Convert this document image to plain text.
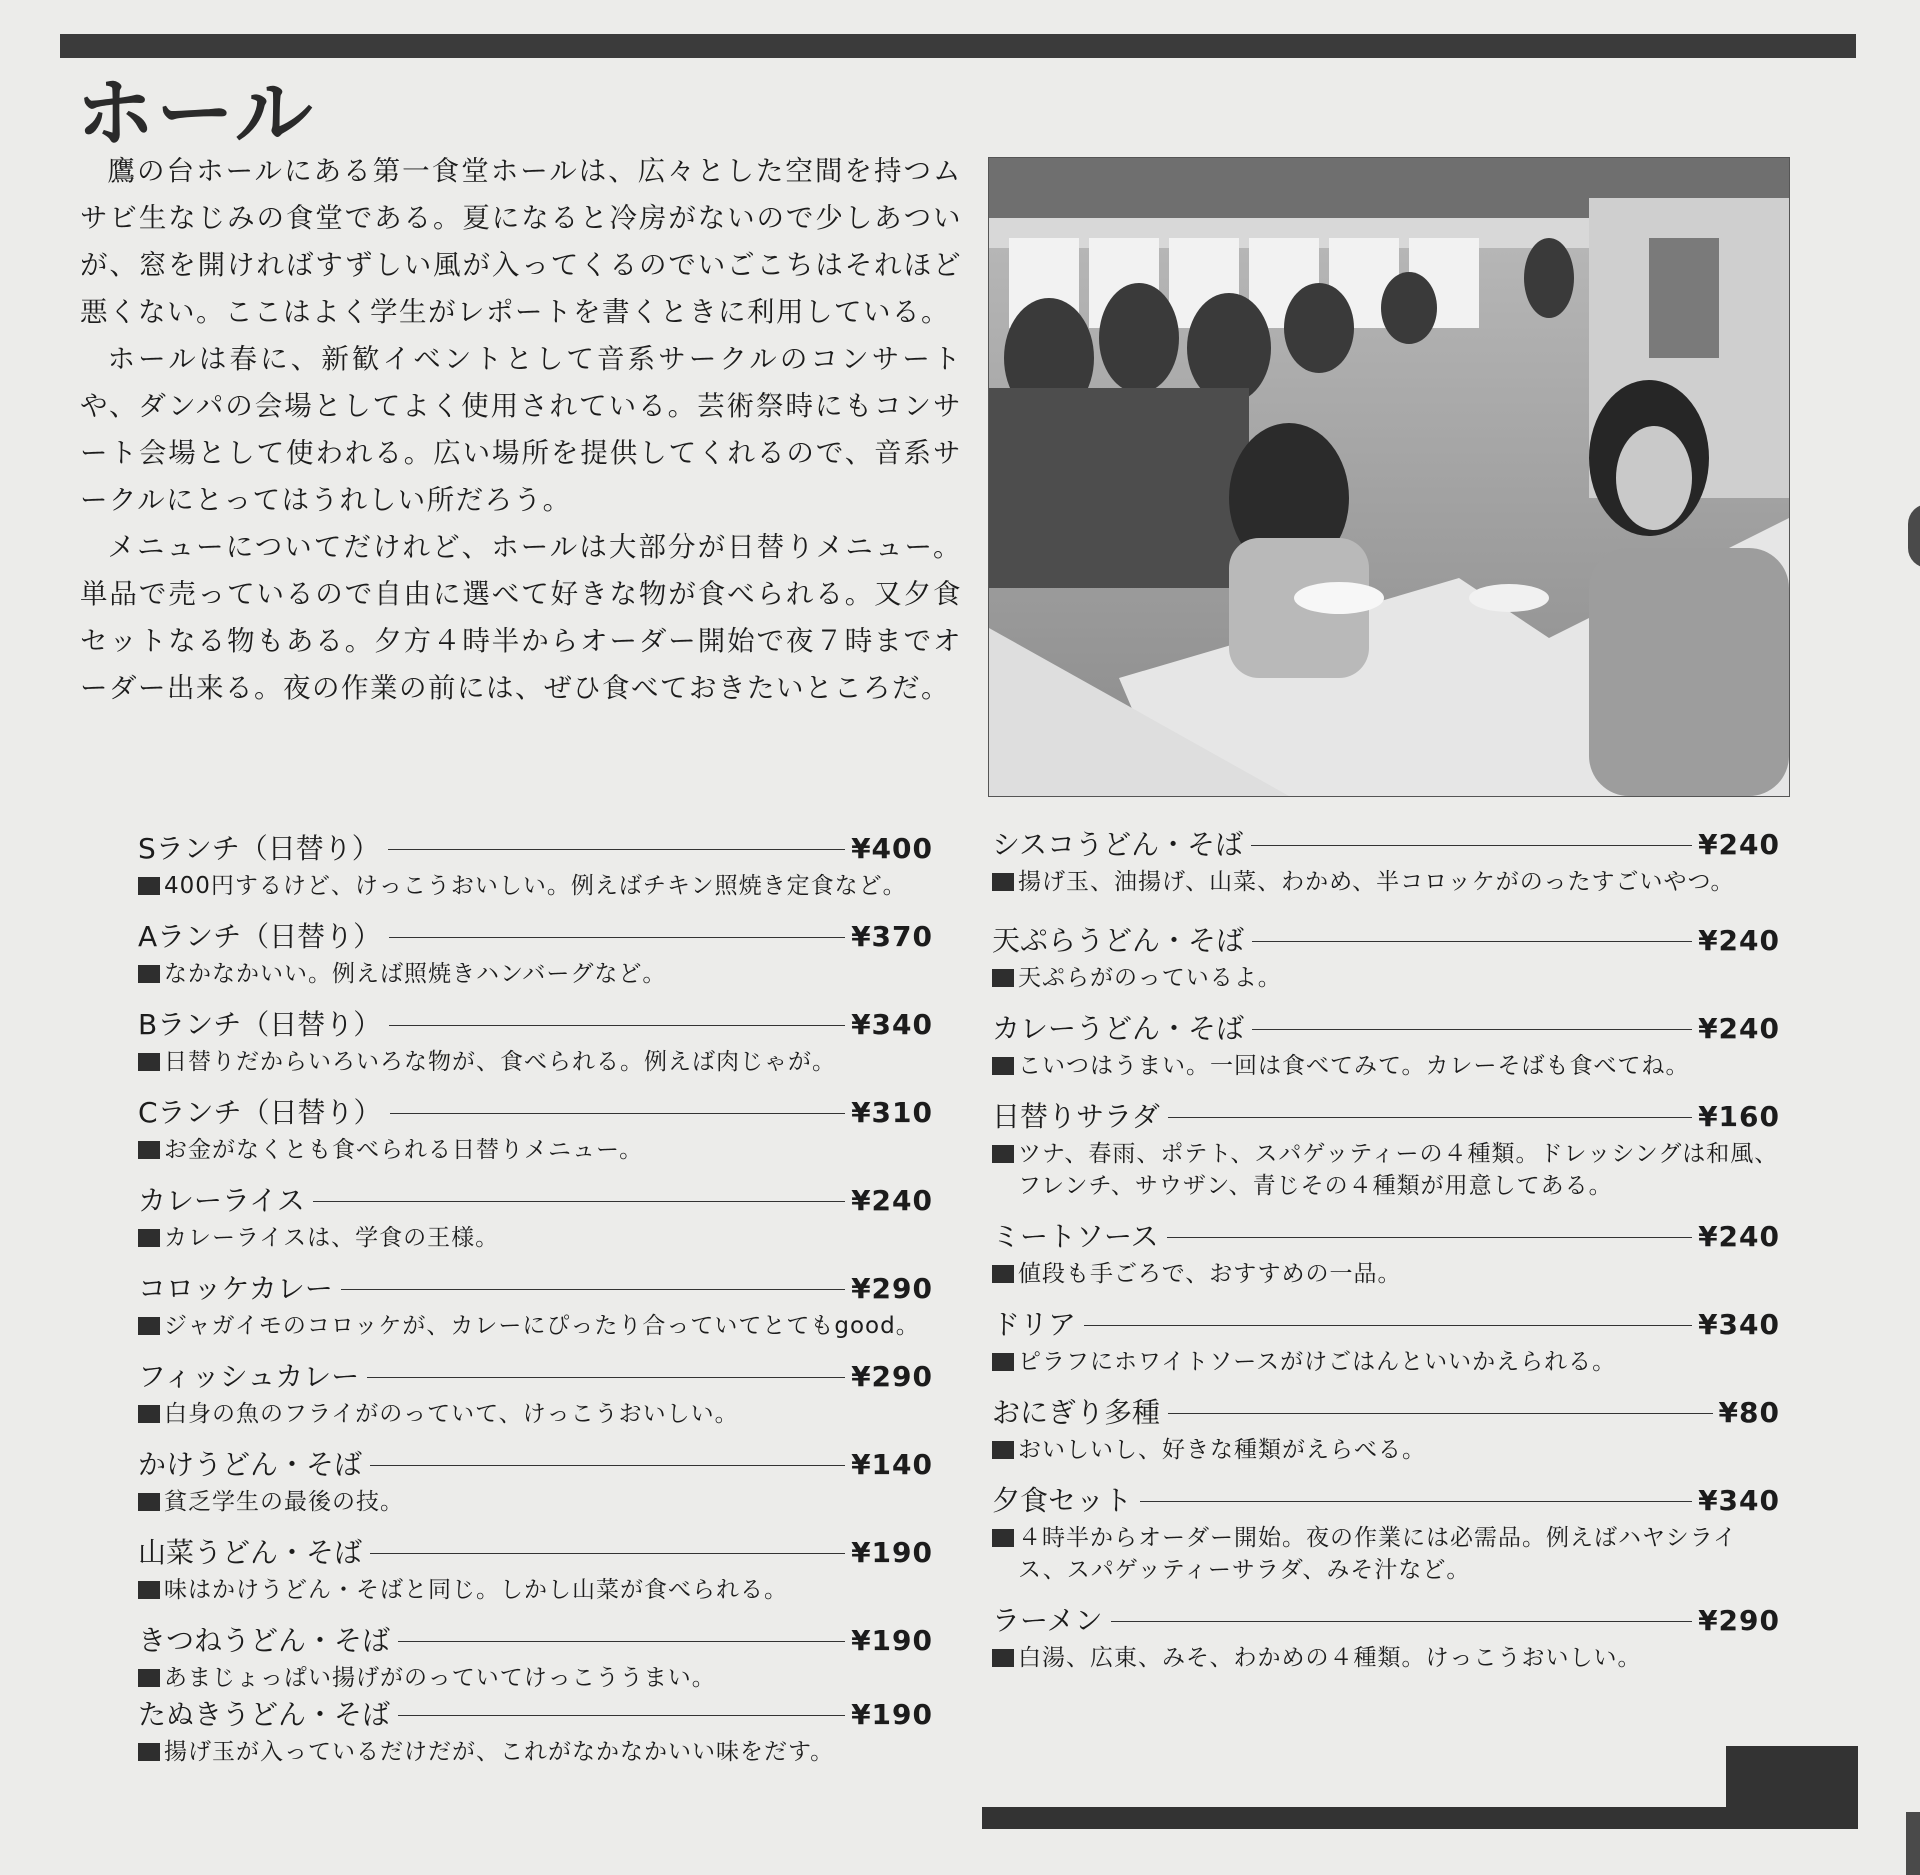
ホール

鷹の台ホールにある第一食堂ホールは、広々とした空間を持つムサビ生なじみの食堂である。夏になると冷房がないので少しあついが、窓を開ければすずしい風が入ってくるのでいごこちはそれほど悪くない。ここはよく学生がレポートを書くときに利用している。

ホールは春に、新歓イベントとして音系サークルのコンサートや、ダンパの会場としてよく使用されている。芸術祭時にもコンサート会場として使われる。広い場所を提供してくれるので、音系サークルにとってはうれしい所だろう。

メニューについてだけれど、ホールは大部分が日替りメニュー。単品で売っているので自由に選べて好きな物が食べられる。又夕食セットなる物もある。夕方４時半からオーダー開始で夜７時までオーダー出来る。夜の作業の前には、ぜひ食べておきたいところだ。

Sランチ（日替り）	¥400
400円するけど、けっこうおいしい。例えばチキン照焼き定食など。
Aランチ（日替り）	¥370
なかなかいい。例えば照焼きハンバーグなど。
Bランチ（日替り）	¥340
日替りだからいろいろな物が、食べられる。例えば肉じゃが。
Cランチ（日替り）	¥310
お金がなくとも食べられる日替りメニュー。
カレーライス	¥240
カレーライスは、学食の王様。
コロッケカレー	¥290
ジャガイモのコロッケが、カレーにぴったり合っていてとてもgood。
フィッシュカレー	¥290
白身の魚のフライがのっていて、けっこうおいしい。
かけうどん・そば	¥140
貧乏学生の最後の技。
山菜うどん・そば	¥190
味はかけうどん・そばと同じ。しかし山菜が食べられる。
きつねうどん・そば	¥190
あまじょっぱい揚げがのっていてけっこううまい。
たぬきうどん・そば	¥190
揚げ玉が入っているだけだが、これがなかなかいい味をだす。
シスコうどん・そば	¥240
揚げ玉、油揚げ、山菜、わかめ、半コロッケがのったすごいやつ。
天ぷらうどん・そば	¥240
天ぷらがのっているよ。
カレーうどん・そば	¥240
こいつはうまい。一回は食べてみて。カレーそばも食べてね。
日替りサラダ	¥160
ツナ、春雨、ポテト、スパゲッティーの４種類。ドレッシングは和風、フレンチ、サウザン、青じその４種類が用意してある。
ミートソース	¥240
値段も手ごろで、おすすめの一品。
ドリア	¥340
ピラフにホワイトソースがけごはんといいかえられる。
おにぎり多種	¥80
おいしいし、好きな種類がえらべる。
夕食セット	¥340
４時半からオーダー開始。夜の作業には必需品。例えばハヤシライス、スパゲッティーサラダ、みそ汁など。
ラーメン	¥290
白湯、広東、みそ、わかめの４種類。けっこうおいしい。
